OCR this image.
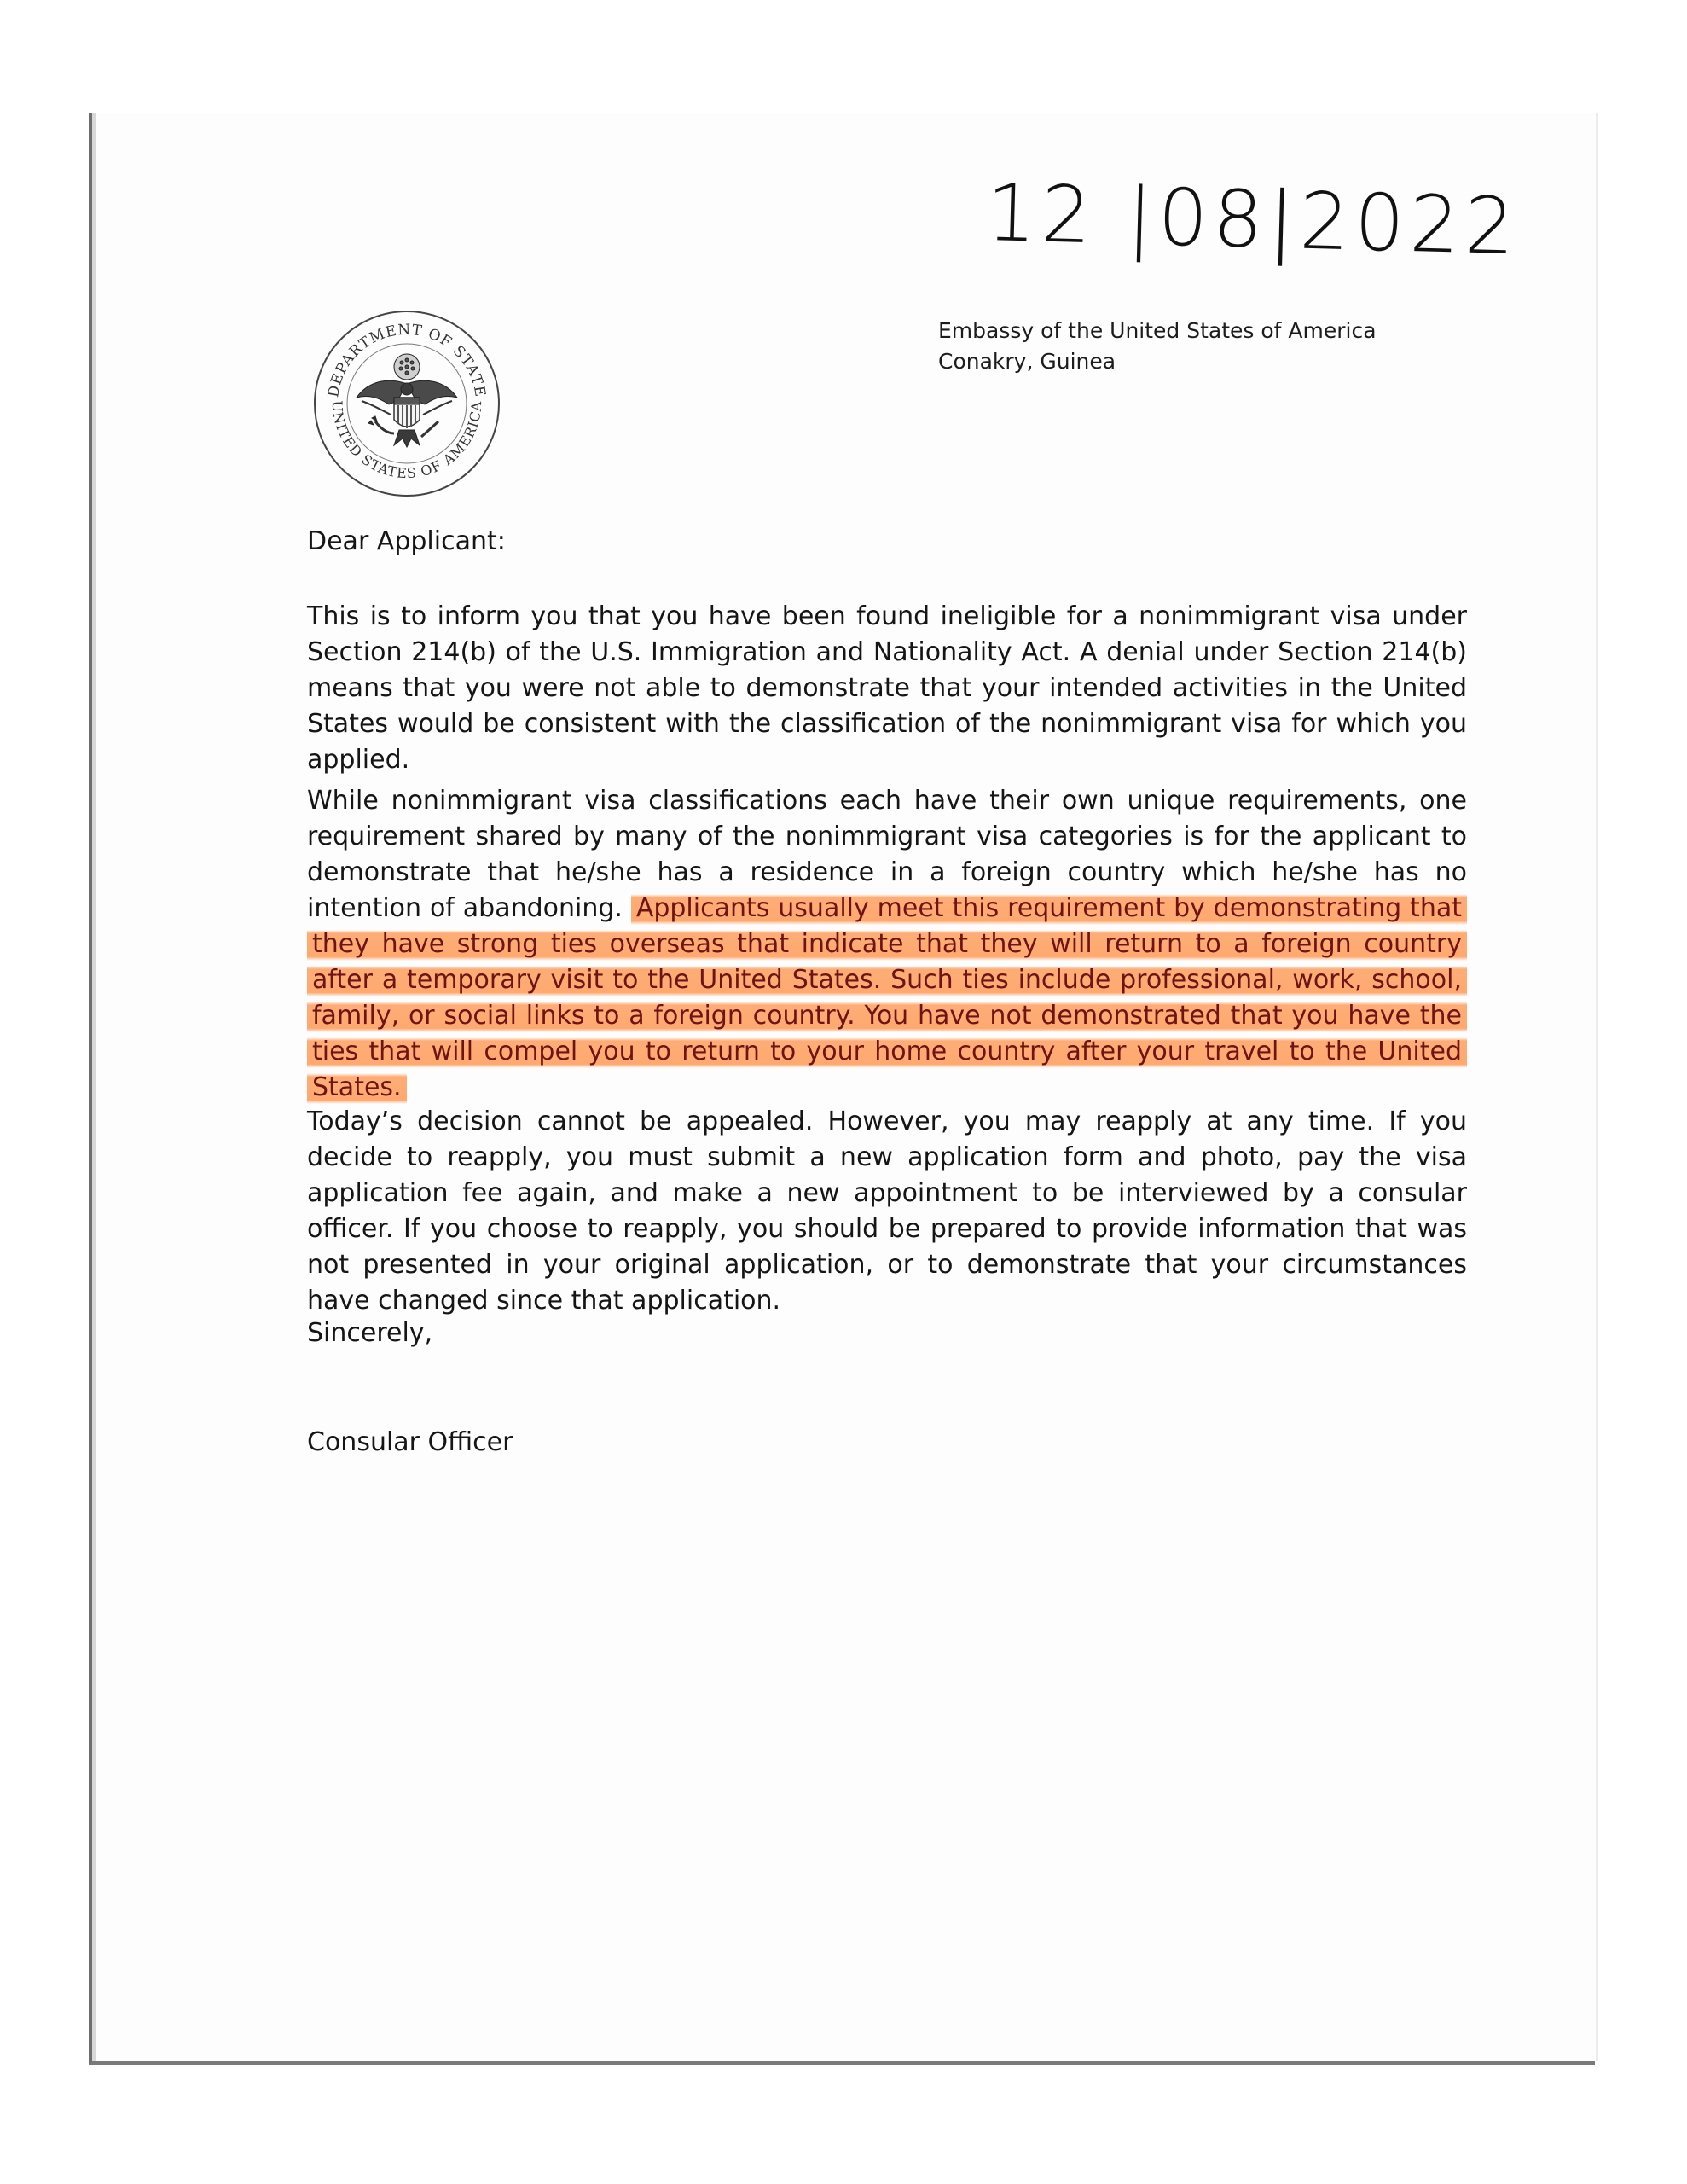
12 |08|2022
DEPARTMENT OF STATE
UNITED STATES OF AMERICA
Embassy of the United States of America
Conakry, Guinea
Dear Applicant:
This is to inform you that you have been found ineligible for a nonimmigrant visa under Section 214(b) of the U.S. Immigration and Nationality Act. A denial under Section 214(b) means that you were not able to demonstrate that your intended activities in the United States would be consistent with the classification of the nonimmigrant visa for which you applied.
While nonimmigrant visa classifications each have their own unique requirements, one requirement shared by many of the nonimmigrant visa categories is for the applicant to demonstrate that he/she has a residence in a foreign country which he/she has no intention of abandoning. Applicants usually meet this requirement by demonstrating that they have strong ties overseas that indicate that they will return to a foreign country after a temporary visit to the United States. Such ties include professional, work, school, family, or social links to a foreign country. You have not demonstrated that you have the ties that will compel you to return to your home country after your travel to the United States.
Today’s decision cannot be appealed. However, you may reapply at any time. If you decide to reapply, you must submit a new application form and photo, pay the visa application fee again, and make a new appointment to be interviewed by a consular officer. If you choose to reapply, you should be prepared to provide information that was not presented in your original application, or to demonstrate that your circumstances have changed since that application.
Sincerely,
Consular Officer
